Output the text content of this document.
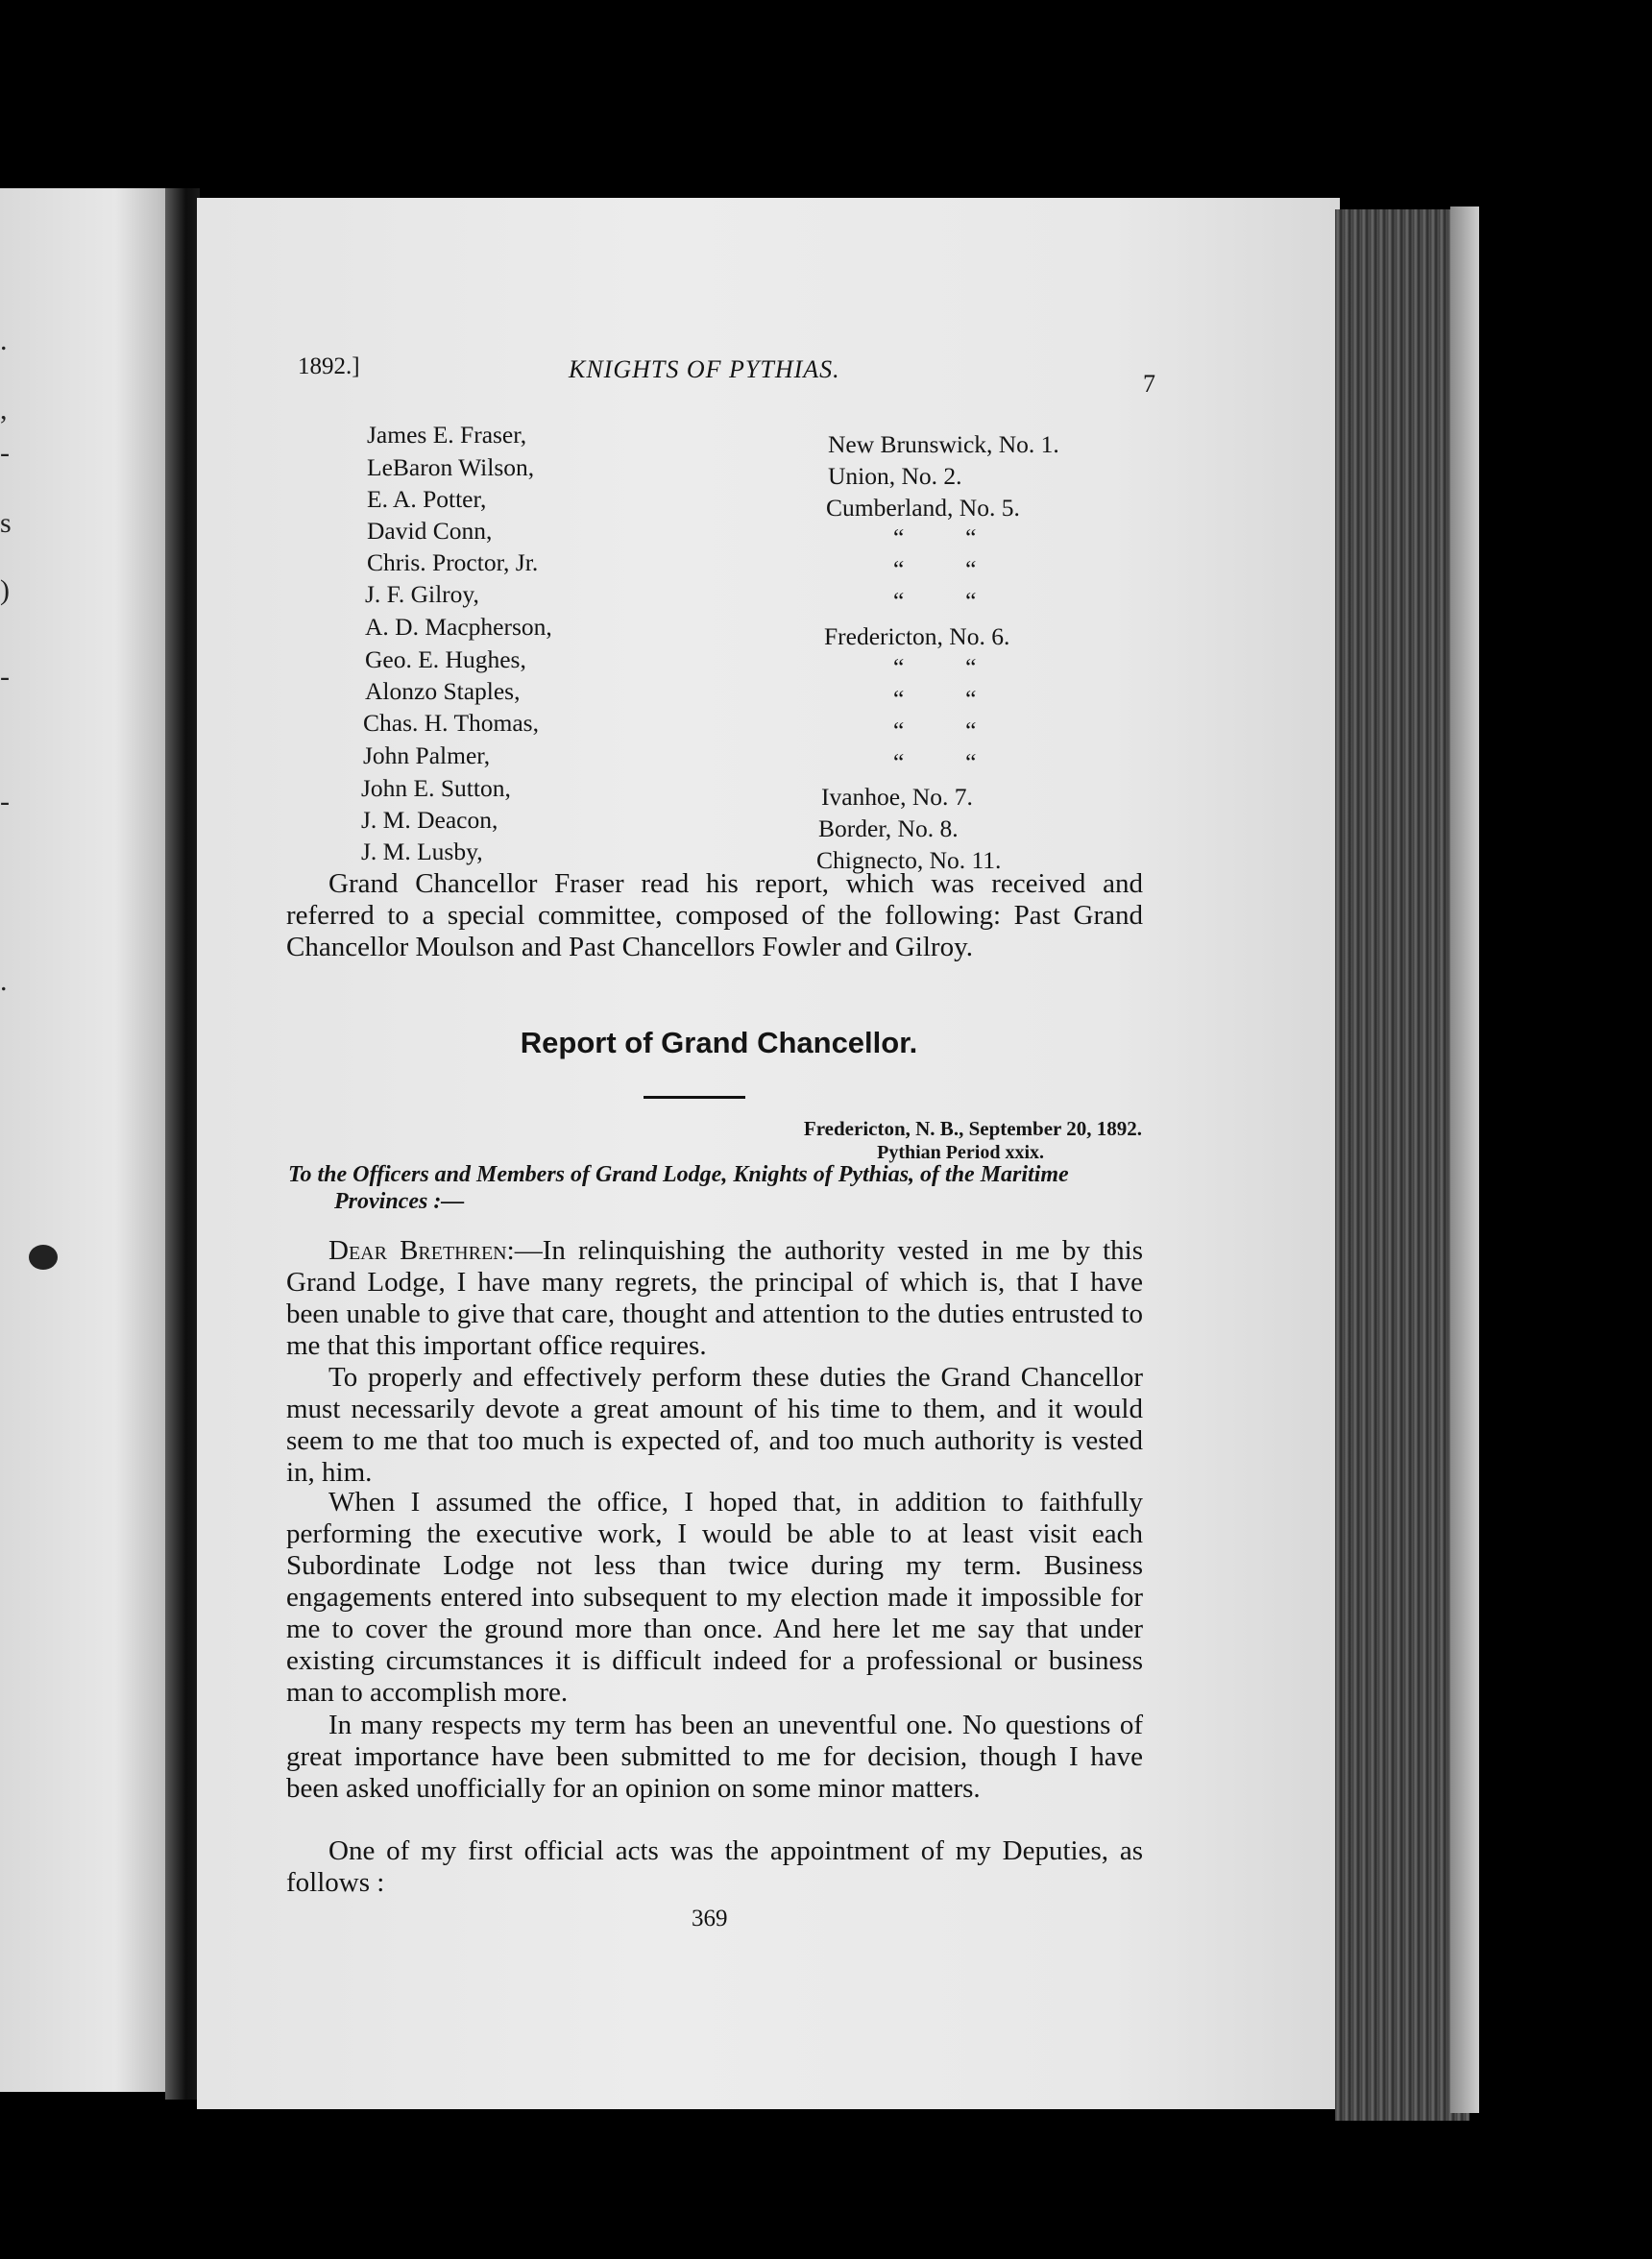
.
,
-
s
)
-
-
.
1892.]	KNIGHTS OF PYTHIAS.
7
James E. Fraser,	New Brunswick, No. 1.
LeBaron Wilson,	Union, No. 2.
E. A. Potter,	Cumberland, No. 5.
David Conn,	“          “
Chris. Proctor, Jr.	“          “
J. F. Gilroy,	“          “
A. D. Macpherson,	Fredericton, No. 6.
Geo. E. Hughes,	“          “
Alonzo Staples,	“          “
Chas. H. Thomas,	“          “
John Palmer,	“          “
John E. Sutton,	Ivanhoe, No. 7.
J. M. Deacon,	Border, No. 8.
J. M. Lusby,	Chignecto, No. 11.

Grand Chancellor Fraser read his report, which was received and referred to a special committee, composed of the following: Past Grand Chancellor Moulson and Past Chancellors Fowler and Gilroy.

Report of Grand Chancellor.
Fredericton, N. B., September 20, 1892.
Pythian Period xxix.
To the Officers and Members of Grand Lodge, Knights of Pythias, of the Maritime
Provinces :—

Dear Brethren:—In relinquishing the authority vested in me by this Grand Lodge, I have many regrets, the principal of which is, that I have been unable to give that care, thought and attention to the duties entrusted to me that this important office requires.

To properly and effectively perform these duties the Grand Chancellor must necessarily devote a great amount of his time to them, and it would seem to me that too much is expected of, and too much authority is vested in, him.

When I assumed the office, I hoped that, in addition to faithfully performing the executive work, I would be able to at least visit each Subordinate Lodge not less than twice during my term. Business engagements entered into subsequent to my election made it impossible for me to cover the ground more than once. And here let me say that under existing circumstances it is difficult indeed for a professional or business man to accomplish more.

In many respects my term has been an uneventful one. No questions of great importance have been submitted to me for decision, though I have been asked unofficially for an opinion on some minor matters.

One of my first official acts was the appointment of my Deputies, as follows :

369
